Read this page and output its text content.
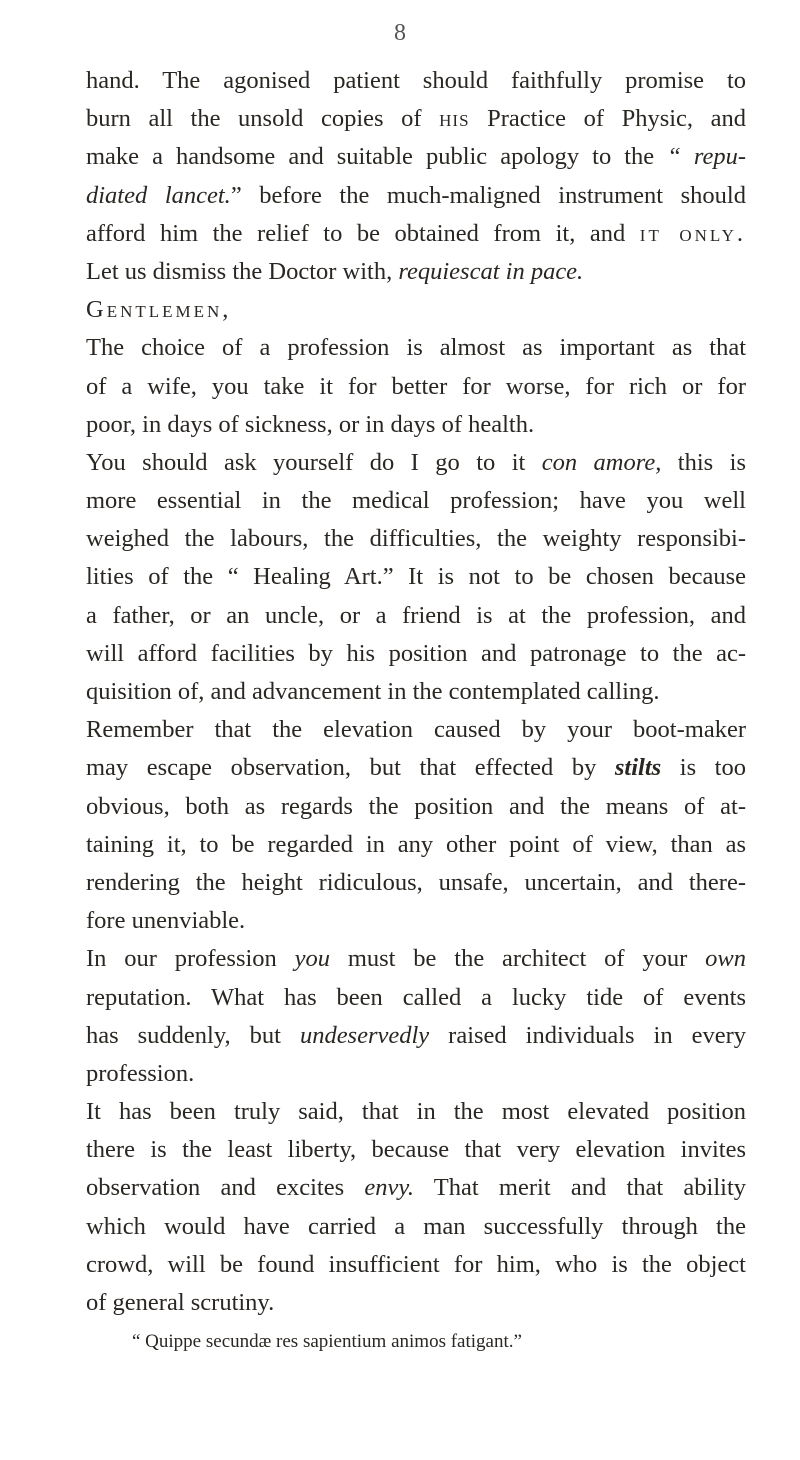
8
hand. The agonised patient should faithfully promise to
burn all the unsold copies of his Practice of Physic, and
make a handsome and suitable public apology to the “ repu-
diated lancet.” before the much-maligned instrument should
afford him the relief to be obtained from it, and it only.
Let us dismiss the Doctor with, requiescat in pace.
Gentlemen,
The choice of a profession is almost as important as that
of a wife, you take it for better for worse, for rich or for
poor, in days of sickness, or in days of health.
You should ask yourself do I go to it con amore, this is
more essential in the medical profession; have you well
weighed the labours, the difficulties, the weighty responsibi-
lities of the “ Healing Art.” It is not to be chosen because
a father, or an uncle, or a friend is at the profession, and
will afford facilities by his position and patronage to the ac-
quisition of, and advancement in the contemplated calling.
Remember that the elevation caused by your boot-maker
may escape observation, but that effected by stilts is too
obvious, both as regards the position and the means of at-
taining it, to be regarded in any other point of view, than as
rendering the height ridiculous, unsafe, uncertain, and there-
fore unenviable.
In our profession you must be the architect of your own
reputation. What has been called a lucky tide of events
has suddenly, but undeservedly raised individuals in every
profession.
It has been truly said, that in the most elevated position
there is the least liberty, because that very elevation invites
observation and excites envy. That merit and that ability
which would have carried a man successfully through the
crowd, will be found insufficient for him, who is the object
of general scrutiny.
“ Quippe secundæ res sapientium animos fatigant.”
